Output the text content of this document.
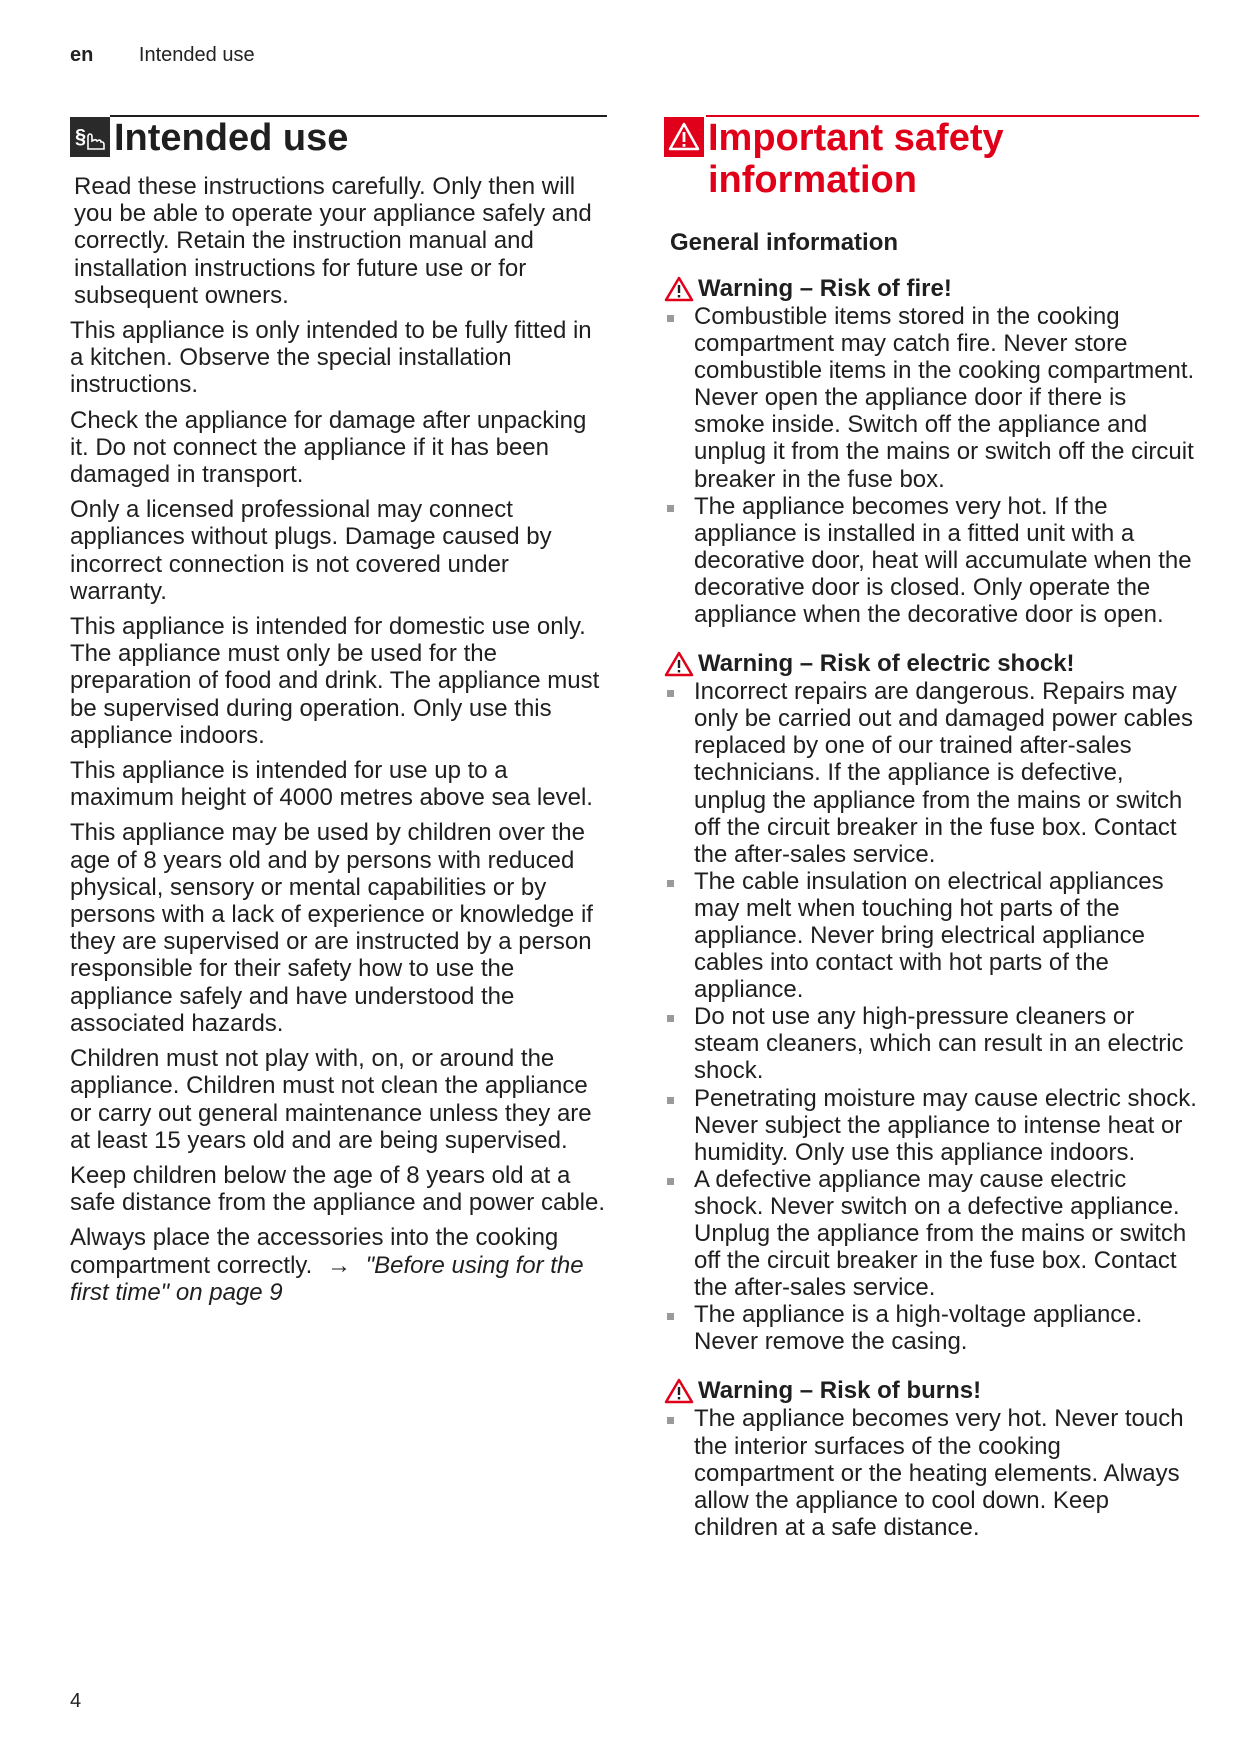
en Intended use
§ Intended use

Read these instructions carefully. Only then will you be able to operate your appliance safely and correctly. Retain the instruction manual and installation instructions for future use or for subsequent owners.

This appliance is only intended to be fully fitted in a kitchen. Observe the special installation instructions.

Check the appliance for damage after unpacking it. Do not connect the appliance if it has been damaged in transport.

Only a licensed professional may connect appliances without plugs. Damage caused by incorrect connection is not covered under warranty.

This appliance is intended for domestic use only. The appliance must only be used for the preparation of food and drink. The appliance must be supervised during operation. Only use this appliance indoors.

This appliance is intended for use up to a maximum height of 4000 metres above sea level.

This appliance may be used by children over the age of 8 years old and by persons with reduced physical, sensory or mental capabilities or by persons with a lack of experience or knowledge if they are supervised or are instructed by a person responsible for their safety how to use the appliance safely and have understood the associated hazards.

Children must not play with, on, or around the appliance. Children must not clean the appliance or carry out general maintenance unless they are at least 15 years old and are being supervised.

Keep children below the age of 8 years old at a safe distance from the appliance and power cable.

Always place the accessories into the cooking compartment correctly. → "Before using for the first time" on page 9

Important safety information
General information
Warning – Risk of fire!
Combustible items stored in the cooking compartment may catch fire. Never store combustible items in the cooking compartment. Never open the appliance door if there is smoke inside. Switch off the appliance and unplug it from the mains or switch off the circuit breaker in the fuse box.
The appliance becomes very hot. If the appliance is installed in a fitted unit with a decorative door, heat will accumulate when the decorative door is closed. Only operate the appliance when the decorative door is open.
Warning – Risk of electric shock!
Incorrect repairs are dangerous. Repairs may only be carried out and damaged power cables replaced by one of our trained after-sales technicians. If the appliance is defective, unplug the appliance from the mains or switch off the circuit breaker in the fuse box. Contact the after-sales service.
The cable insulation on electrical appliances may melt when touching hot parts of the appliance. Never bring electrical appliance cables into contact with hot parts of the appliance.
Do not use any high-pressure cleaners or steam cleaners, which can result in an electric shock.
Penetrating moisture may cause electric shock. Never subject the appliance to intense heat or humidity. Only use this appliance indoors.
A defective appliance may cause electric shock. Never switch on a defective appliance. Unplug the appliance from the mains or switch off the circuit breaker in the fuse box. Contact the after-sales service.
The appliance is a high-voltage appliance. Never remove the casing.
Warning – Risk of burns!
The appliance becomes very hot. Never touch the interior surfaces of the cooking compartment or the heating elements. Always allow the appliance to cool down. Keep children at a safe distance.
4
